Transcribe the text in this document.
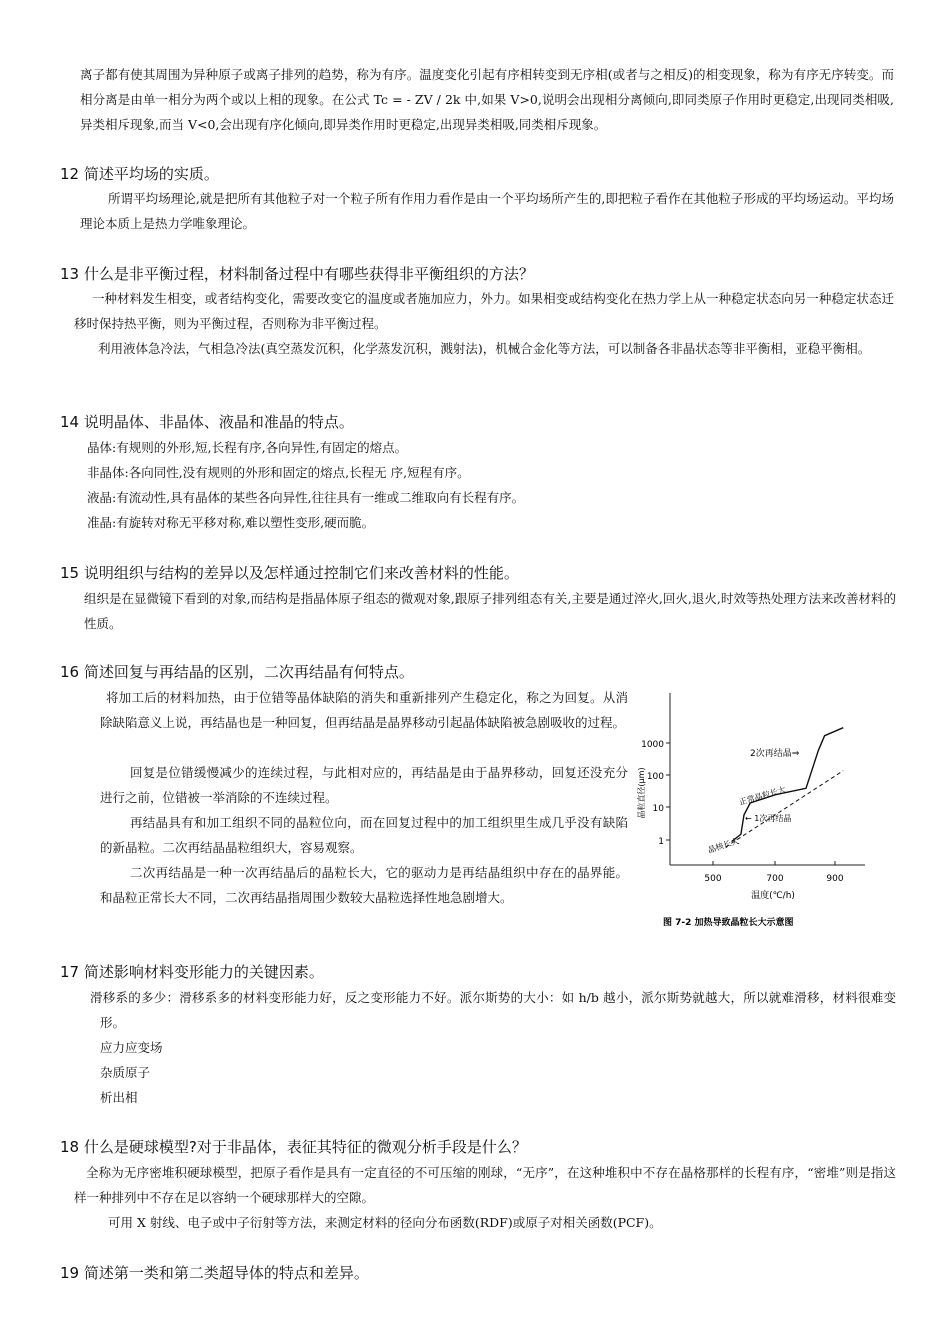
离子都有使其周围为异种原子或离子排列的趋势，称为有序。温度变化引起有序相转变到无序相(或者与之相反)的相变现象，称为有序无序转变。而相分离是由单一相分为两个或以上相的现象。在公式 Tc = - ZV / 2k 中,如果 V>0,说明会出现相分离倾向,即同类原子作用时更稳定,出现同类相吸,异类相斥现象,而当 V<0,会出现有序化倾向,即异类作用时更稳定,出现异类相吸,同类相斥现象。
12 简述平均场的实质。
所谓平均场理论,就是把所有其他粒子对一个粒子所有作用力看作是由一个平均场所产生的,即把粒子看作在其他粒子形成的平均场运动。平均场理论本质上是热力学唯象理论。
13 什么是非平衡过程，材料制备过程中有哪些获得非平衡组织的方法？
一种材料发生相变，或者结构变化，需要改变它的温度或者施加应力，外力。如果相变或结构变化在热力学上从一种稳定状态向另一种稳定状态迁移时保持热平衡，则为平衡过程，否则称为非平衡过程。
利用液体急冷法，气相急冷法(真空蒸发沉积，化学蒸发沉积，溅射法)，机械合金化等方法，可以制备各非晶状态等非平衡相，亚稳平衡相。
14 说明晶体、非晶体、液晶和准晶的特点。
晶体:有规则的外形,短,长程有序,各向异性,有固定的熔点。
非晶体:各向同性,没有规则的外形和固定的熔点,长程无 序,短程有序。
液晶:有流动性,具有晶体的某些各向异性,往往具有一维或二维取向有长程有序。
准晶:有旋转对称无平移对称,难以塑性变形,硬而脆。
15 说明组织与结构的差异以及怎样通过控制它们来改善材料的性能。
组织是在显微镜下看到的对象,而结构是指晶体原子组态的微观对象,跟原子排列组态有关,主要是通过淬火,回火,退火,时效等热处理方法来改善材料的性质。
16 简述回复与再结晶的区别，二次再结晶有何特点。
将加工后的材料加热，由于位错等晶体缺陷的消失和重新排列产生稳定化，称之为回复。从消除缺陷意义上说，再结晶也是一种回复，但再结晶是晶界移动引起晶体缺陷被急剧吸收的过程。
回复是位错缓慢减少的连续过程，与此相对应的，再结晶是由于晶界移动，回复还没充分进行之前，位错被一举消除的不连续过程。
再结晶具有和加工组织不同的晶粒位向，而在回复过程中的加工组织里生成几乎没有缺陷的新晶粒。二次再结晶晶粒组织大，容易观察。
二次再结晶是一种一次再结晶后的晶粒长大，它的驱动力是再结晶组织中存在的晶界能。和晶粒正常长大不同，二次再结晶指周围少数较大晶粒选择性地急剧增大。
1000
100
10
1
晶粒直径(μm)
500	700	900
温度(℃/h)
2次再结晶⇒
正常晶粒长大
← 1次再结晶
晶核长大
图 7-2 加热导致晶粒长大示意图
17 简述影响材料变形能力的关键因素。
滑移系的多少：滑移系多的材料变形能力好，反之变形能力不好。派尔斯势的大小：如 h/b 越小，派尔斯势就越大，所以就难滑移，材料很难变形。
应力应变场
杂质原子
析出相
18 什么是硬球模型?对于非晶体，表征其特征的微观分析手段是什么？
全称为无序密堆积硬球模型，把原子看作是具有一定直径的不可压缩的刚球，“无序”，在这种堆积中不存在晶格那样的长程有序，“密堆”则是指这样一种排列中不存在足以容纳一个硬球那样大的空隙。
可用 X 射线、电子或中子衍射等方法，来测定材料的径向分布函数(RDF)或原子对相关函数(PCF)。
19 简述第一类和第二类超导体的特点和差异。
